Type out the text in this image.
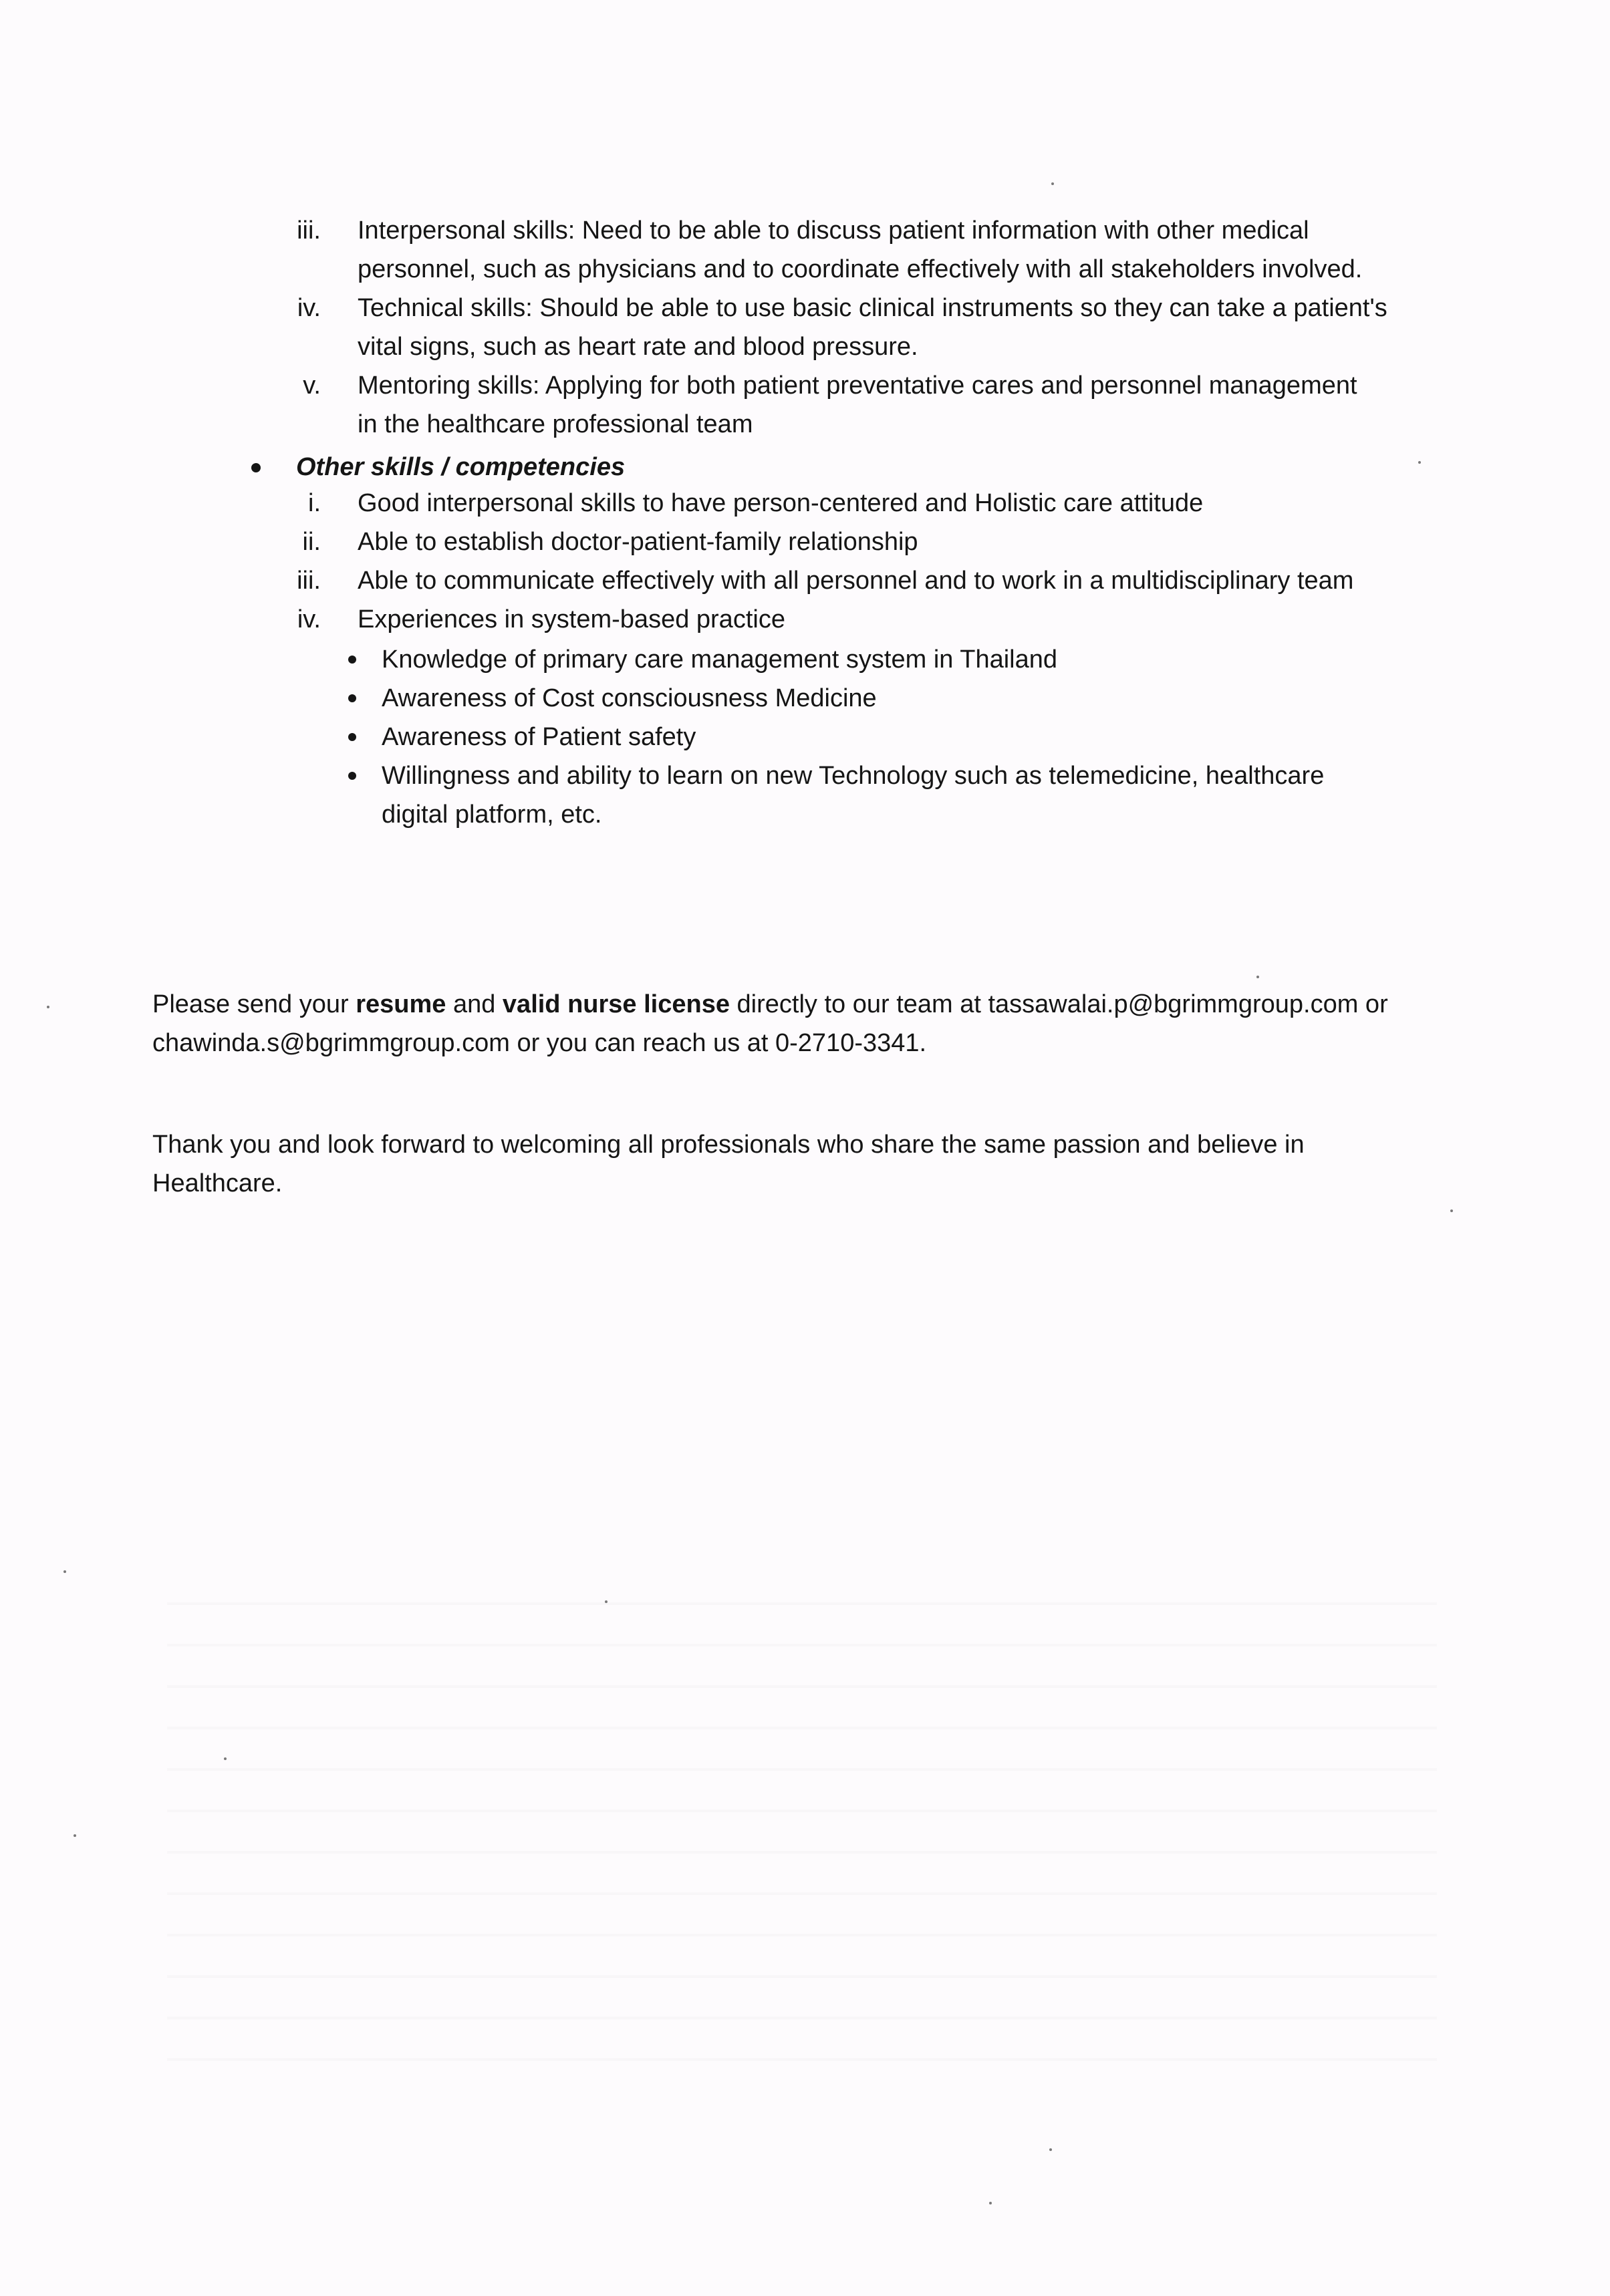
iii. Interpersonal skills: Need to be able to discuss patient information with other medical
personnel, such as physicians and to coordinate effectively with all stakeholders involved.
iv. Technical skills: Should be able to use basic clinical instruments so they can take a patient's
vital signs, such as heart rate and blood pressure.
v. Mentoring skills: Applying for both patient preventative cares and personnel management
in the healthcare professional team
Other skills / competencies
i. Good interpersonal skills to have person-centered and Holistic care attitude
ii. Able to establish doctor-patient-family relationship
iii. Able to communicate effectively with all personnel and to work in a multidisciplinary team
iv. Experiences in system-based practice
Knowledge of primary care management system in Thailand
Awareness of Cost consciousness Medicine
Awareness of Patient safety
Willingness and ability to learn on new Technology such as telemedicine, healthcare
digital platform, etc.
Please send your resume and valid nurse license directly to our team at tassawalai.p@bgrimmgroup.com or
chawinda.s@bgrimmgroup.com or you can reach us at 0-2710-3341.
Thank you and look forward to welcoming all professionals who share the same passion and believe in
Healthcare.
